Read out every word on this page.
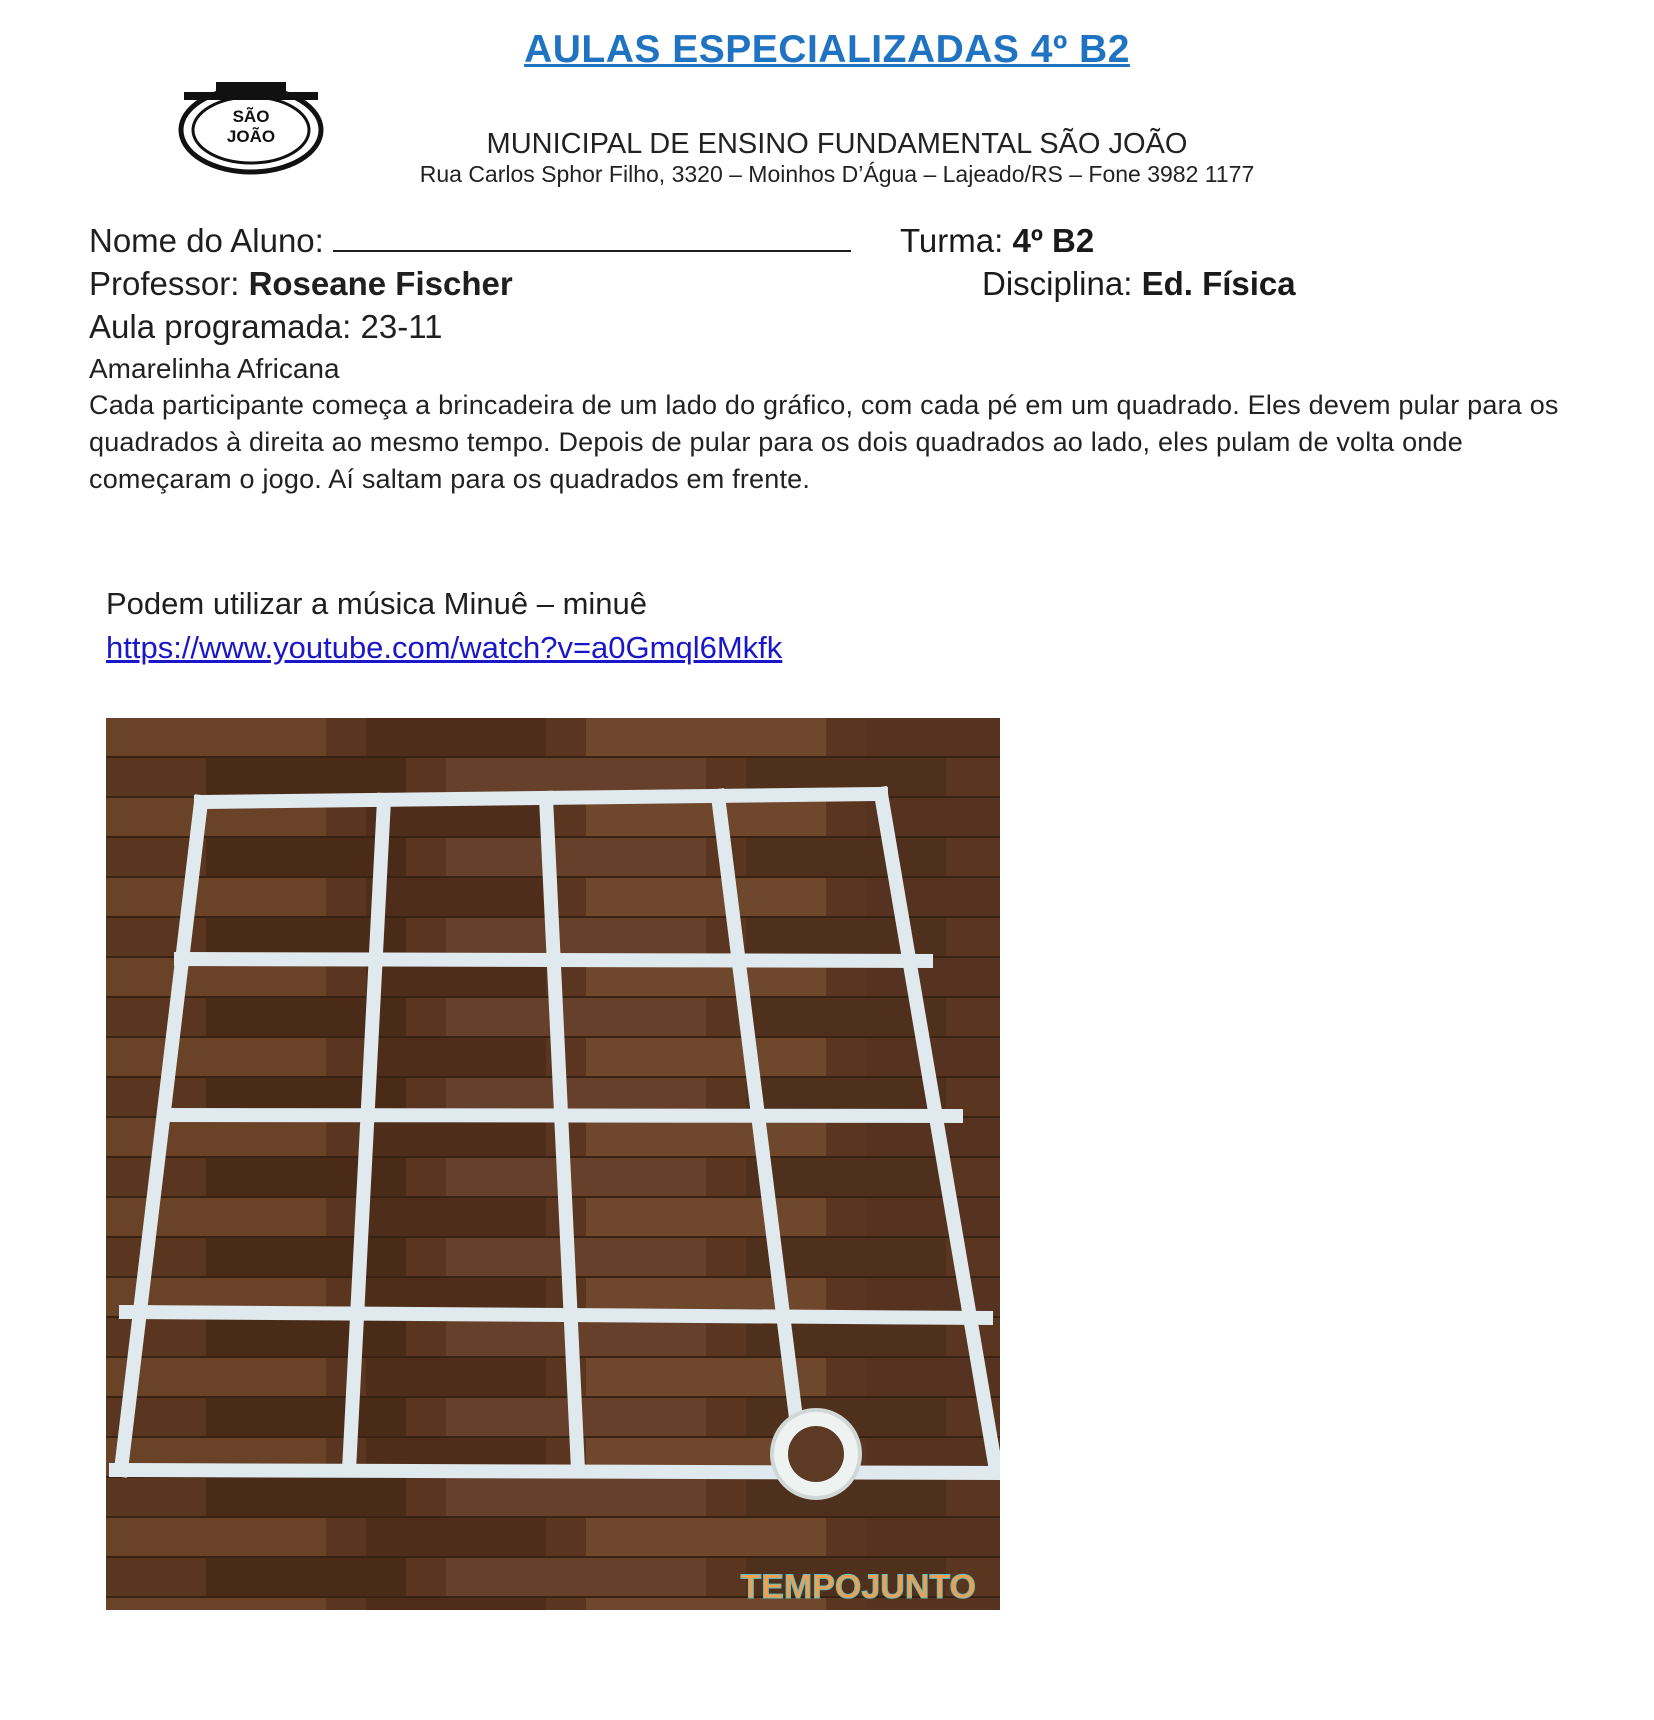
AULAS ESPECIALIZADAS 4º B2
SÃO
JOÃO	MUNICIPAL DE ENSINO FUNDAMENTAL SÃO JOÃO
Rua Carlos Sphor Filho, 3320 – Moinhos D’Água – Lajeado/RS – Fone 3982 1177
Nome do Aluno:	Turma: 4º B2
Professor: Roseane Fischer	Disciplina: Ed. Física
Aula programada: 23-11
Amarelinha Africana
Cada participante começa a brincadeira de um lado do gráfico, com cada pé em um quadrado. Eles devem pular para os quadrados à direita ao mesmo tempo. Depois de pular para os dois quadrados ao lado, eles pulam de volta onde começaram o jogo. Aí saltam para os quadrados em frente.
Podem utilizar a música Minuê – minuê
https://www.youtube.com/watch?v=a0Gmql6Mkfk
TEMPOJUNTO
